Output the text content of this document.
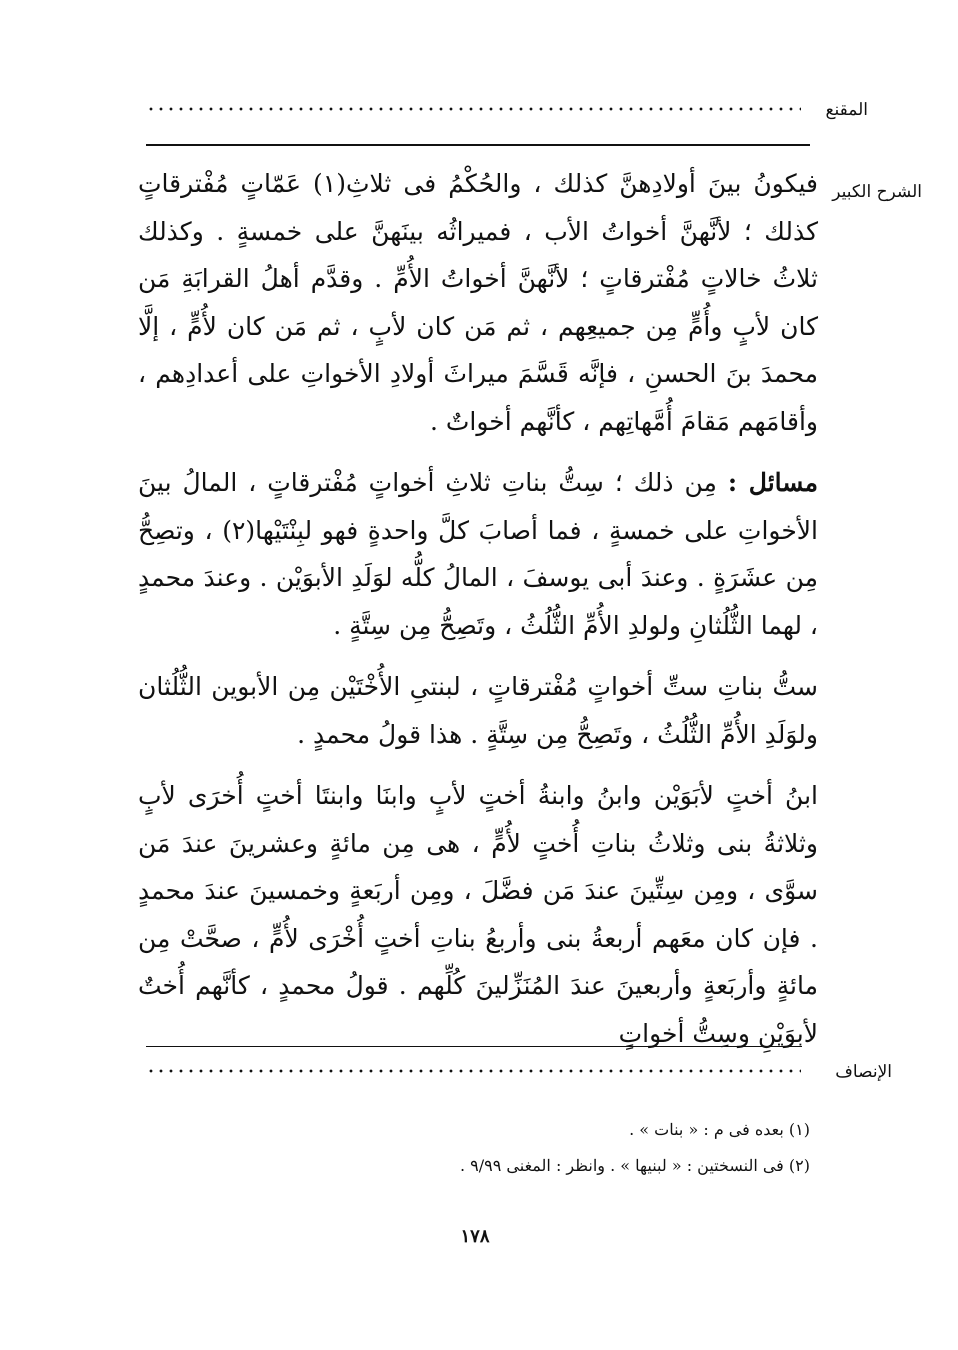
المقنع
الشرح الكبير

فيكونُ بينَ أولادِهنَّ كذلك ، والحُكْمُ فى ثلاثِ(١) عَمّاتٍ مُفْترقاتٍ كذلك ؛ لأنَّهنَّ أخواتُ الأب ، فميراثُه بينَهنَّ على خمسةٍ . وكذلك ثلاثُ خالاتٍ مُفْترقاتٍ ؛ لأنَّهنَّ أخواتُ الأُمِّ . وقدَّم أهلُ القرابَةِ مَن كان لأبٍ وأُمٍّ مِن جميعِهم ، ثم مَن كان لأبٍ ، ثم مَن كان لأُمٍّ ، إلَّا محمدَ بنَ الحسنِ ، فإنَّه قَسَّمَ ميراثَ أولادِ الأخواتِ على أعدادِهم ، وأقامَهم مَقامَ أُمَّهاتِهم ، كأنَّهم أخواتٌ .

مسائل : مِن ذلك ؛ سِتُّ بناتِ ثلاثِ أخواتٍ مُفْترقاتٍ ، المالُ بينَ الأخواتِ على خمسةٍ ، فما أصابَ كلَّ واحدةٍ فهو لبِنْتَيْها(٢) ، وتصِحُّ مِن عشَرَةٍ . وعندَ أبى يوسفَ ، المالُ كلُّه لوَلَدِ الأبوَيْن . وعندَ محمدٍ ، لهما الثُّلُثانِ ولولدِ الأُمِّ الثُّلُثُ ، وتَصِحُّ مِن سِتَّةٍ .

ستُّ بناتِ ستِّ أخواتٍ مُفْترقاتٍ ، لبنتىِ الأُخْتَيْن مِن الأبوين الثُّلُثان ولوَلَدِ الأُمِّ الثُّلُثُ ، وتَصِحُّ مِن سِتَّةٍ . هذا قولُ محمدٍ .

ابنُ أختٍ لأبَوَيْن وابنُ وابنةُ أختٍ لأبٍ وابنَا وابنتَا أختٍ أُخرَى لأبٍ وثلاثةُ بنى وثلاثُ بناتِ أُختٍ لأُمٍّ ، هى مِن مائةٍ وعشرينَ عندَ مَن سوَّى ، ومِن سِتِّينَ عندَ مَن فضَّلَ ، ومِن أربَعةٍ وخمسينَ عندَ محمدٍ . فإن كان معَهم أربعةُ بنى وأربعُ بناتِ أختٍ أُخْرَى لأُمٍّ ، صحَّتْ مِن مائةٍ وأربَعةٍ وأربعينَ عندَ المُنَزِّلينَ كُلِّهم . قولُ محمدٍ ، كأنَّهم أُختٌ لأبوَيْنِ وسِتُّ أخواتٍ

الإنصاف

(١) بعده فى م : « بنات » .

(٢) فى النسختين : « لبنيها » . وانظر : المغنى ٩/٩٩ .

١٧٨
